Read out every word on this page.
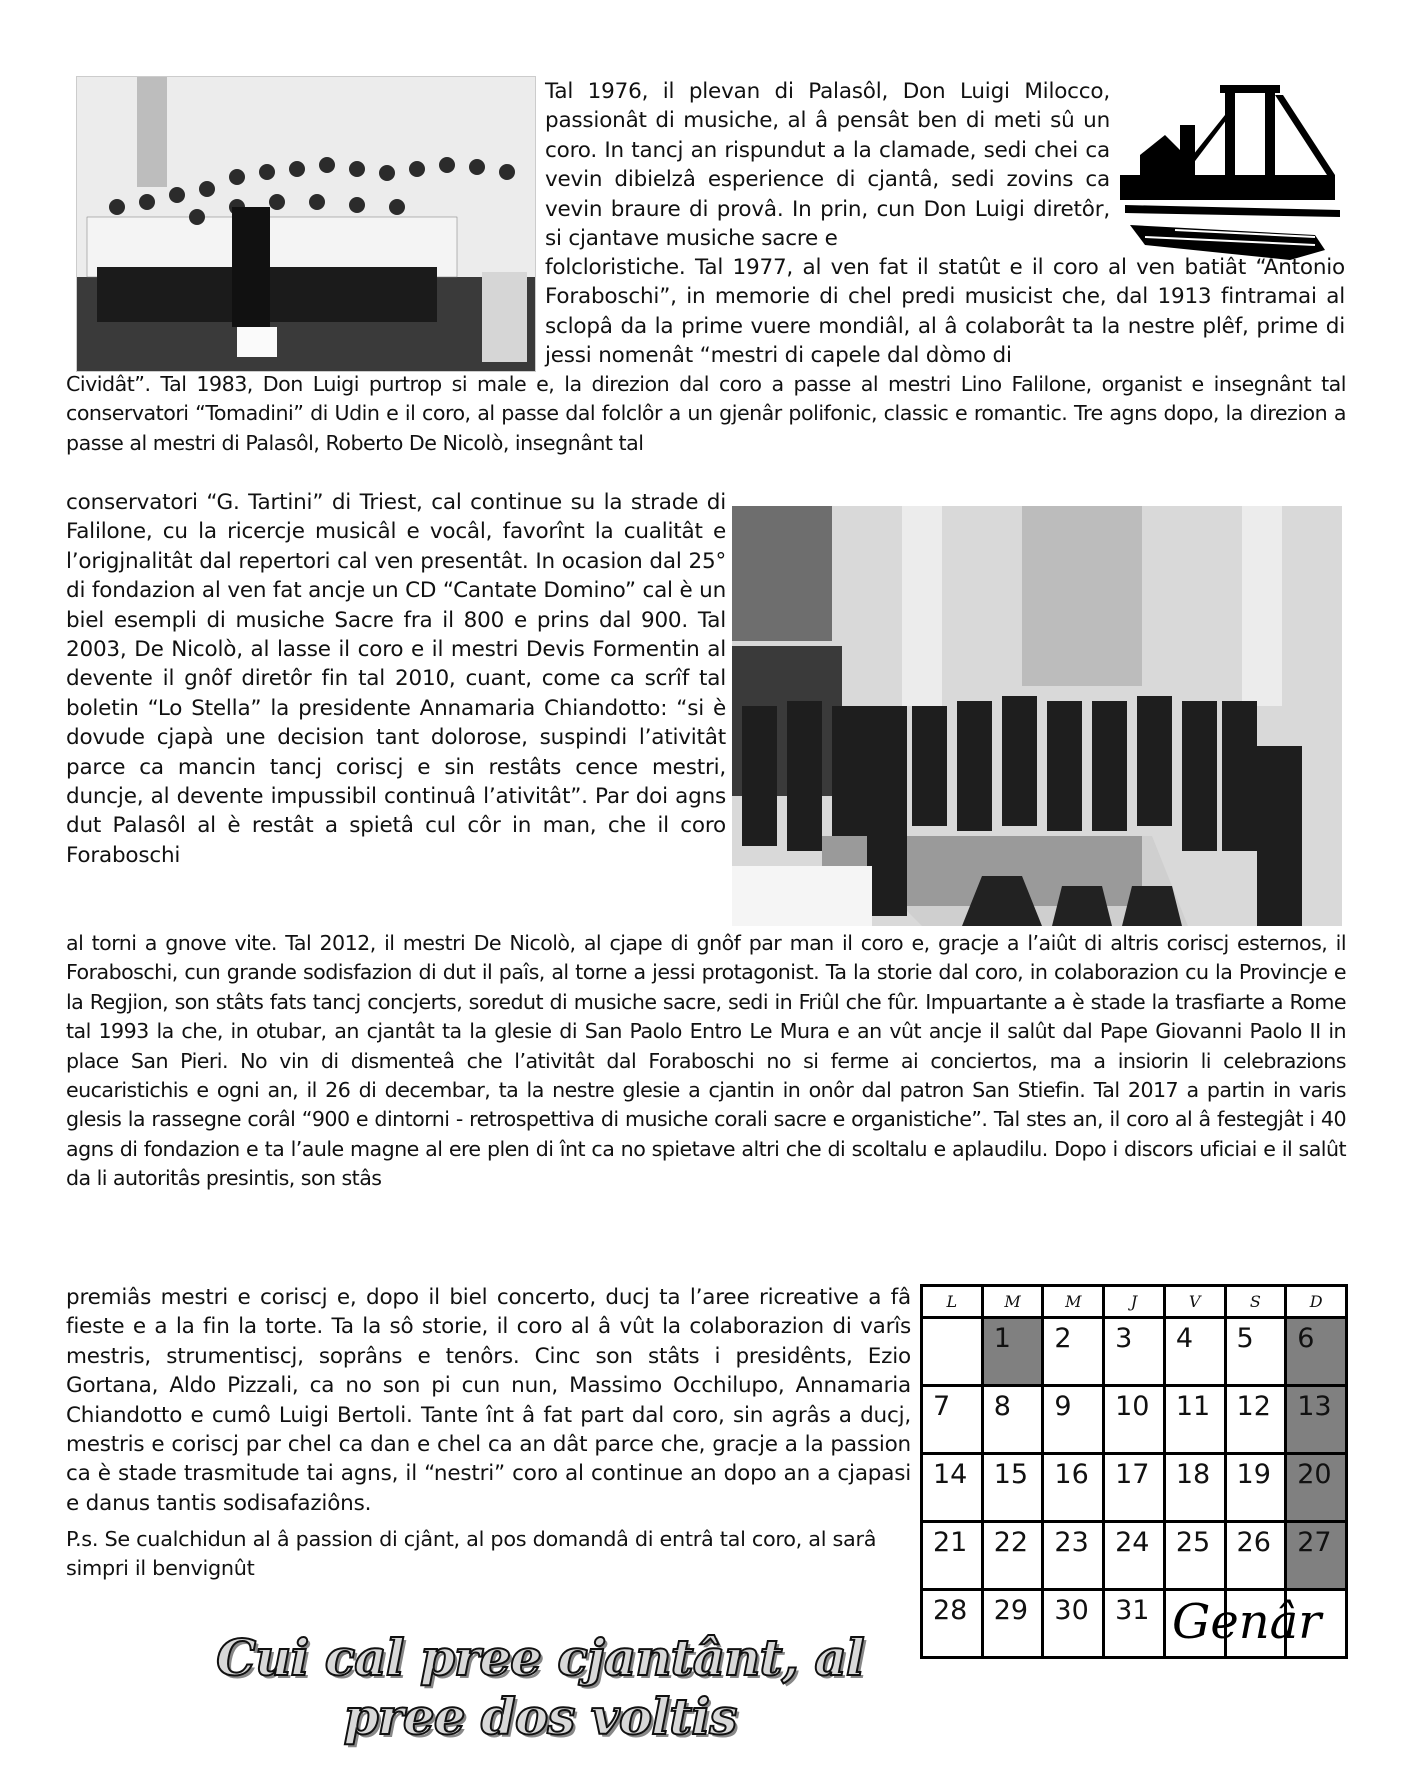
Tal 1976, il plevan di Palasôl, Don Luigi Milocco, passionât di musiche, al â pensât ben di meti sû un coro. In tancj an rispundut a la clamade, sedi chei ca vevin dibielzâ esperience di cjantâ, sedi zovins ca vevin braure di provâ. In prin, cun Don Luigi diretôr, si cjantave musiche sacre e

folcloristiche. Tal 1977, al ven fat il statût e il coro al ven batiât “Antonio Foraboschi”, in memorie di chel predi musicist che, dal 1913 fintramai al sclopâ da la prime vuere mondiâl, al â colaborât ta la nestre plêf, prime di jessi nomenât “mestri di capele dal dòmo di

Cividât”. Tal 1983, Don Luigi purtrop si male e, la direzion dal coro a passe al mestri Lino Falilone, organist e insegnânt tal conservatori “Tomadini” di Udin e il coro, al passe dal folclôr a un gjenâr polifonic, classic e romantic. Tre agns dopo, la direzion a passe al mestri di Palasôl, Roberto De Nicolò, insegnânt tal

conservatori “G. Tartini” di Triest, cal continue su la strade di Falilone, cu la ricercje musicâl e vocâl, favorînt la cualitât e l’origjnalitât dal repertori cal ven presentât. In ocasion dal 25° di fondazion al ven fat ancje un CD “Cantate Domino” cal è un biel esempli di musiche Sacre fra il 800 e prins dal 900. Tal 2003, De Nicolò, al lasse il coro e il mestri Devis Formentin al devente il gnôf diretôr fin tal 2010, cuant, come ca scrîf tal boletin “Lo Stella” la presidente Annamaria Chiandotto: “si è dovude cjapà une decision tant dolorose, suspindi l’ativitât parce ca mancin tancj coriscj e sin restâts cence mestri, duncje, al devente impussibil continuâ l’ativitât”. Par doi agns dut Palasôl al è restât a spietâ cul côr in man, che il coro Foraboschi

al torni a gnove vite. Tal 2012, il mestri De Nicolò, al cjape di gnôf par man il coro e, gracje a l’aiût di altris coriscj esternos, il Foraboschi, cun grande sodisfazion di dut il paîs, al torne a jessi protagonist. Ta la storie dal coro, in colaborazion cu la Provincje e la Regjion, son stâts fats tancj concjerts, soredut di musiche sacre, sedi in Friûl che fûr. Impuartante a è stade la trasfiarte a Rome tal 1993 la che, in otubar, an cjantât ta la glesie di San Paolo Entro Le Mura e an vût ancje il salût dal Pape Giovanni Paolo II in place San Pieri. No vin di dismenteâ che l’ativitât dal Foraboschi no si ferme ai conciertos, ma a insiorin li celebrazions eucaristichis e ogni an, il 26 di decembar, ta la nestre glesie a cjantin in onôr dal patron San Stiefin. Tal 2017 a partin in varis glesis la rassegne corâl “900 e dintorni - retrospettiva di musiche corali sacre e organistiche”. Tal stes an, il coro al â festegjât i 40 agns di fondazion e ta l’aule magne al ere plen di înt ca no spietave altri che di scoltalu e aplaudilu. Dopo i discors uficiai e il salût da li autoritâs presintis, son stâs

premiâs mestri e coriscj e, dopo il biel concerto, ducj ta l’aree ricreative a fâ fieste e a la fin la torte. Ta la sô storie, il coro al â vût la colaborazion di varîs mestris, strumentiscj, soprâns e tenôrs. Cinc son stâts i presidênts, Ezio Gortana, Aldo Pizzali, ca no son pi cun nun, Massimo Occhilupo, Annamaria Chiandotto e cumô Luigi Bertoli. Tante înt â fat part dal coro, sin agrâs a ducj, mestris e coriscj par chel ca dan e chel ca an dât parce che, gracje a la passion ca è stade trasmitude tai agns, il “nestri” coro al continue an dopo an a cjapasi e danus tantis sodisafaziôns.

P.s. Se cualchidun al â passion di cjânt, al pos domandâ di entrâ tal coro, al sarâ simpri il benvignût

Cui cal pree cjantânt, al pree dos voltis
L	M	M	J	V	S	D
	1	2	3	4	5	6
7	8	9	10	11	12	13
14	15	16	17	18	19	20
21	22	23	24	25	26	27
28	29	30	31			Genâr
